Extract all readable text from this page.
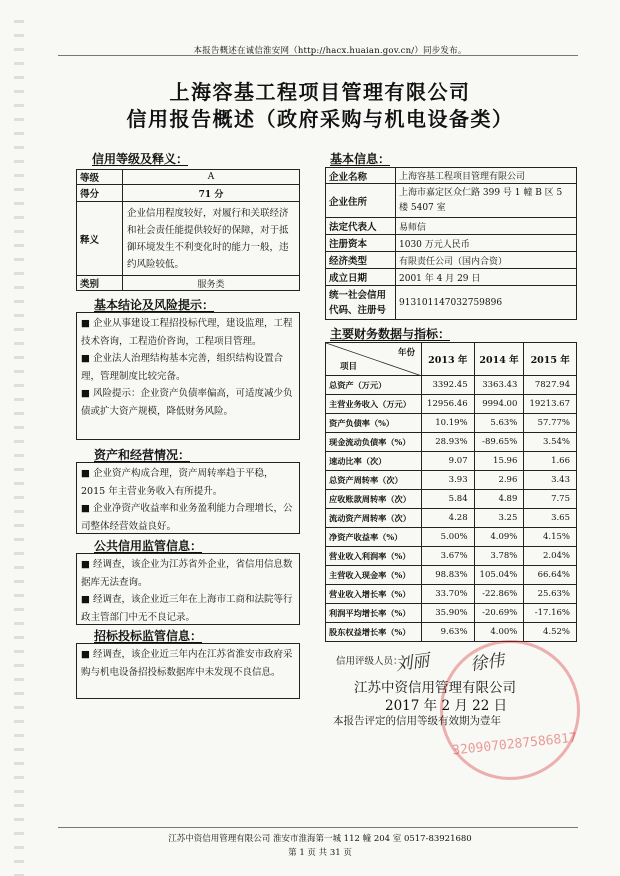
本报告概述在诚信淮安网（http://hacx.huaian.gov.cn/）同步发布。
上海容基工程项目管理有限公司
信用报告概述（政府采购与机电设备类）
信用等级及释义：
等级	A
得分	71 分
释义	企业信用程度较好，对履行和关联经济和社会责任能提供较好的保障，对于抵御环境发生不利变化时的能力一般，违约风险较低。
类别	服务类
基本结论及风险提示：

■ 企业从事建设工程招投标代理，建设监理，工程技术咨询，工程造价咨询，工程项目管理。

■ 企业法人治理结构基本完善，组织结构设置合理，管理制度比较完备。

■ 风险提示：企业资产负债率偏高，可适度减少负债或扩大资产规模，降低财务风险。

资产和经营情况：

■ 企业资产构成合理，资产周转率趋于平稳，2015 年主营业务收入有所提升。

■ 企业净资产收益率和业务盈利能力合理增长，公司整体经营效益良好。

公共信用监管信息：

■ 经调查，该企业为江苏省外企业，省信用信息数据库无法查询。

■ 经调查，该企业近三年在上海市工商和法院等行政主管部门中无不良记录。

招标投标监管信息：

■ 经调查，该企业近三年内在江苏省淮安市政府采购与机电设备招投标数据库中未发现不良信息。

基本信息：
企业名称	上海容基工程项目管理有限公司
企业住所	上海市嘉定区众仁路 399 号 1 幢 B 区 5 楼 5407 室
法定代表人	易师信
注册资本	1030 万元人民币
经济类型	有限责任公司（国内合资）
成立日期	2001 年 4 月 29 日
统一社会信用代码、注册号	913101147032759896
主要财务数据与指标：
年份
项目	2013 年	2014 年	2015 年
总资产（万元）	3392.45	3363.43	7827.94
主营业务收入（万元）	12956.46	9994.00	19213.67
资产负债率（%）	10.19%	5.63%	57.77%
现金流动负债率（%）	28.93%	-89.65%	3.54%
速动比率（次）	9.07	15.96	1.66
总资产周转率（次）	3.93	2.96	3.43
应收账款周转率（次）	5.84	4.89	7.75
流动资产周转率（次）	4.28	3.25	3.65
净资产收益率（%）	5.00%	4.09%	4.15%
营业收入利润率（%）	3.67%	3.78%	2.04%
主营收入现金率（%）	98.83%	105.04%	66.64%
营业收入增长率（%）	33.70%	-22.86%	25.63%
利润平均增长率（%）	35.90%	-20.69%	-17.16%
股东权益增长率（%）	9.63%	4.00%	4.52%
3209070287586817
信用评级人员：
刘丽 徐伟
江苏中资信用管理有限公司
2017 年 2 月 22 日
本报告评定的信用等级有效期为壹年
江苏中资信用管理有限公司 淮安市淮海第一城 112 幢 204 室 0517-83921680
第 1 页 共 31 页
